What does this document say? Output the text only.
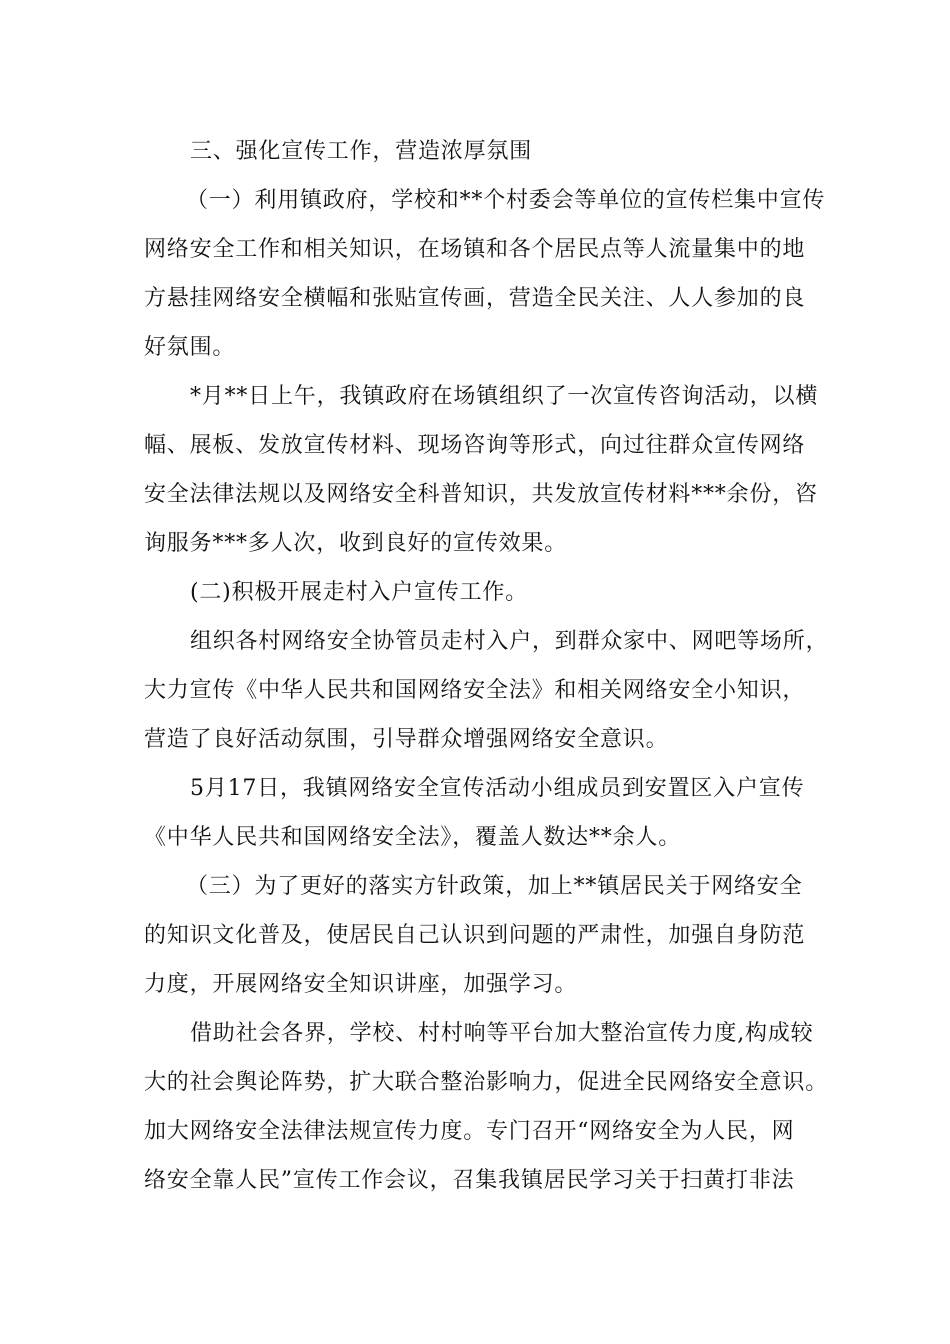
三、强化宣传工作，营造浓厚氛围
（一）利用镇政府，学校和**个村委会等单位的宣传栏集中宣传
网络安全工作和相关知识，在场镇和各个居民点等人流量集中的地
方悬挂网络安全横幅和张贴宣传画，营造全民关注、人人参加的良
好氛围。
*月**日上午，我镇政府在场镇组织了一次宣传咨询活动，以横
幅、展板、发放宣传材料、现场咨询等形式，向过往群众宣传网络
安全法律法规以及网络安全科普知识，共发放宣传材料***余份，咨
询服务***多人次，收到良好的宣传效果。
(二)积极开展走村入户宣传工作。
组织各村网络安全协管员走村入户，到群众家中、网吧等场所，
大力宣传《中华人民共和国网络安全法》和相关网络安全小知识，
营造了良好活动氛围，引导群众增强网络安全意识。
5月17日，我镇网络安全宣传活动小组成员到安置区入户宣传
《中华人民共和国网络安全法》，覆盖人数达**余人。
（三）为了更好的落实方针政策，加上**镇居民关于网络安全
的知识文化普及，使居民自己认识到问题的严肃性，加强自身防范
力度，开展网络安全知识讲座，加强学习。
借助社会各界，学校、村村响等平台加大整治宣传力度,构成较
大的社会舆论阵势，扩大联合整治影响力，促进全民网络安全意识。
加大网络安全法律法规宣传力度。专门召开“网络安全为人民，网
络安全靠人民”宣传工作会议，召集我镇居民学习关于扫黄打非法
